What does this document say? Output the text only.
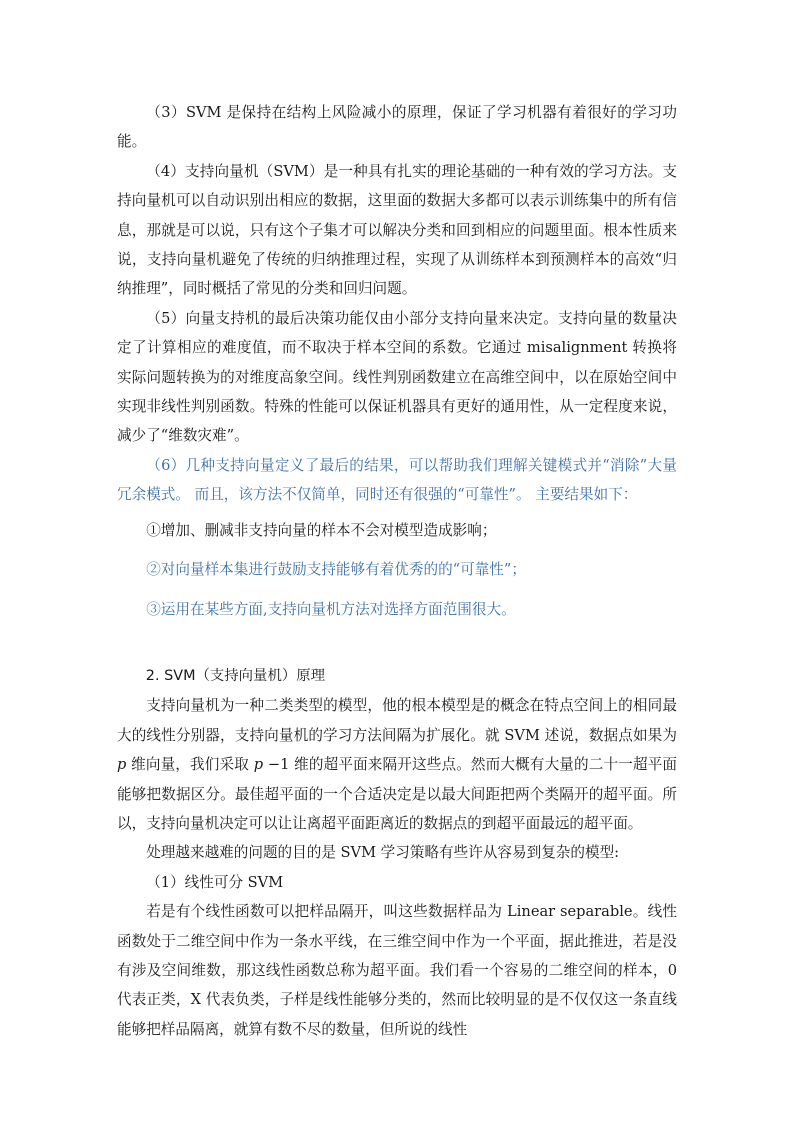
（3）SVM 是保持在结构上风险减小的原理，保证了学习机器有着很好的学习功能。

（4）支持向量机（SVM）是一种具有扎实的理论基础的一种有效的学习方法。支持向量机可以自动识别出相应的数据，这里面的数据大多都可以表示训练集中的所有信息，那就是可以说，只有这个子集才可以解决分类和回到相应的问题里面。根本性质来说，支持向量机避免了传统的归纳推理过程，实现了从训练样本到预测样本的高效“归纳推理”，同时概括了常见的分类和回归问题。

（5）向量支持机的最后决策功能仅由小部分支持向量来决定。支持向量的数量决定了计算相应的难度值，而不取决于样本空间的系数。它通过 misalignment 转换将实际问题转换为的对维度高象空间。线性判别函数建立在高维空间中，以在原始空间中实现非线性判别函数。特殊的性能可以保证机器具有更好的通用性，从一定程度来说，减少了“维数灾难”。

（6）几种支持向量定义了最后的结果，可以帮助我们理解关键模式并“消除”大量冗余模式。 而且，该方法不仅简单，同时还有很强的“可靠性”。 主要结果如下：

①增加、删减非支持向量的样本不会对模型造成影响；
②对向量样本集进行鼓励支持能够有着优秀的的“可靠性”；
③运用在某些方面,支持向量机方法对选择方面范围很大。
2. SVM（支持向量机）原理

支持向量机为一种二类类型的模型，他的根本模型是的概念在特点空间上的相同最大的线性分别器，支持向量机的学习方法间隔为扩展化。就 SVM 述说，数据点如果为 p 维向量，我们采取 p −1 维的超平面来隔开这些点。然而大概有大量的二十一超平面能够把数据区分。最佳超平面的一个合适决定是以最大间距把两个类隔开的超平面。所以，支持向量机决定可以让让离超平面距离近的数据点的到超平面最远的超平面。

处理越来越难的问题的目的是 SVM 学习策略有些许从容易到复杂的模型:

（1）线性可分 SVM

若是有个线性函数可以把样品隔开，叫这些数据样品为 Linear separable。线性函数处于二维空间中作为一条水平线，在三维空间中作为一个平面，据此推进，若是没有涉及空间维数，那这线性函数总称为超平面。我们看一个容易的二维空间的样本，0 代表正类，X 代表负类，子样是线性能够分类的，然而比较明显的是不仅仅这一条直线能够把样品隔离，就算有数不尽的数量，但所说的线性
